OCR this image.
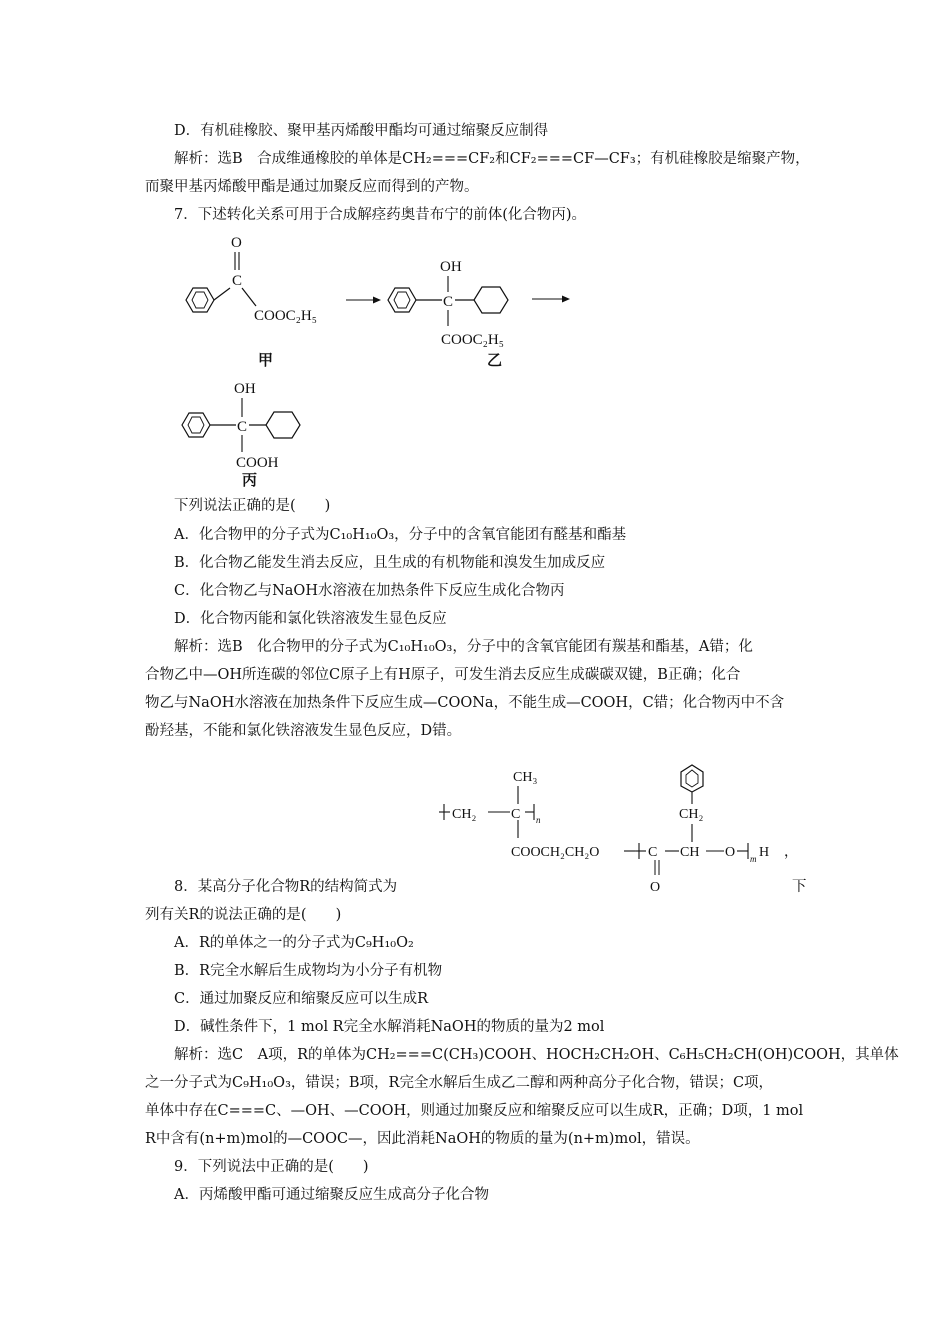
D．有机硅橡胶、聚甲基丙烯酸甲酯均可通过缩聚反应制得
解析：选B　合成维通橡胶的单体是CH₂===CF₂和CF₂===CF—CF₃；有机硅橡胶是缩聚产物，
而聚甲基丙烯酸甲酯是通过加聚反应而得到的产物。
7．下述转化关系可用于合成解痉药奥昔布宁的前体(化合物丙)。
C
O
COOC₂H₅
甲
C
OH
COOC₂H₅
乙
C
OH
COOH
丙
下列说法正确的是(　　)
A．化合物甲的分子式为C₁₀H₁₀O₃，分子中的含氧官能团有醛基和酯基
B．化合物乙能发生消去反应，且生成的有机物能和溴发生加成反应
C．化合物乙与NaOH水溶液在加热条件下反应生成化合物丙
D．化合物丙能和氯化铁溶液发生显色反应
解析：选B　化合物甲的分子式为C₁₀H₁₀O₃，分子中的含氧官能团有羰基和酯基，A错；化
合物乙中—OH所连碳的邻位C原子上有H原子，可发生消去反应生成碳碳双键，B正确；化合
物乙与NaOH水溶液在加热条件下反应生成—COONa，不能生成—COOH，C错；化合物丙中不含
酚羟基，不能和氯化铁溶液发生显色反应，D错。
CH₂ C n
CH₃
COOCH₂CH₂O	C
O
CH O m H ，
CH₂
8．某高分子化合物R的结构简式为	下
列有关R的说法正确的是(　　)
A．R的单体之一的分子式为C₉H₁₀O₂
B．R完全水解后生成物均为小分子有机物
C．通过加聚反应和缩聚反应可以生成R
D．碱性条件下，1 mol R完全水解消耗NaOH的物质的量为2 mol
解析：选C　A项，R的单体为CH₂===C(CH₃)COOH、HOCH₂CH₂OH、C₆H₅CH₂CH(OH)COOH，其单体
之一分子式为C₉H₁₀O₃，错误；B项，R完全水解后生成乙二醇和两种高分子化合物，错误；C项，
单体中存在C===C、—OH、—COOH，则通过加聚反应和缩聚反应可以生成R，正确；D项，1 mol
R中含有(n+m)mol的—COOC—，因此消耗NaOH的物质的量为(n+m)mol，错误。
9．下列说法中正确的是(　　)
A．丙烯酸甲酯可通过缩聚反应生成高分子化合物
